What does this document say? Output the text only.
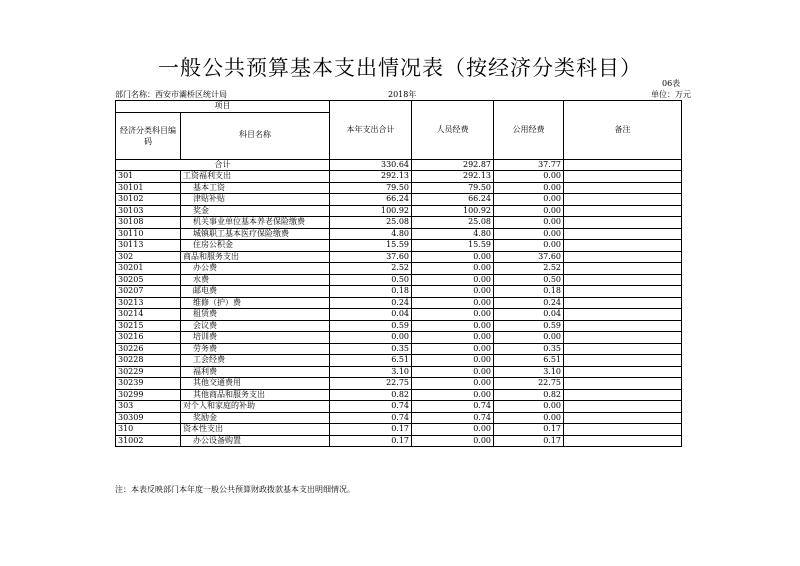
一般公共预算基本支出情况表（按经济分类科目）
06表
部门名称：西安市灞桥区统计局	2018年	单位：万元
项目		本年支出合计	人员经费	公用经费	备注
经济分类科目编码	科目名称				

合计		330.64	292.87	37.77	
301	工资福利支出	292.13	292.13	0.00	
30101	基本工资	79.50	79.50	0.00	
30102	津贴补贴	66.24	66.24	0.00	
30103	奖金	100.92	100.92	0.00	
30108	机关事业单位基本养老保险缴费	25.08	25.08	0.00	
30110	城镇职工基本医疗保险缴费	4.80	4.80	0.00	
30113	住房公积金	15.59	15.59	0.00	
302	商品和服务支出	37.60	0.00	37.60	
30201	办公费	2.52	0.00	2.52	
30205	水费	0.50	0.00	0.50	
30207	邮电费	0.18	0.00	0.18	
30213	维修（护）费	0.24	0.00	0.24	
30214	租赁费	0.04	0.00	0.04	
30215	会议费	0.59	0.00	0.59	
30216	培训费	0.00	0.00	0.00	
30226	劳务费	0.35	0.00	0.35	
30228	工会经费	6.51	0.00	6.51	
30229	福利费	3.10	0.00	3.10	
30239	其他交通费用	22.75	0.00	22.75	
30299	其他商品和服务支出	0.82	0.00	0.82	
303	对个人和家庭的补助	0.74	0.74	0.00	
30309	奖励金	0.74	0.74	0.00	
310	资本性支出	0.17	0.00	0.17	
31002	办公设备购置	0.17	0.00	0.17	
注：本表反映部门本年度一般公共预算财政拨款基本支出明细情况。
